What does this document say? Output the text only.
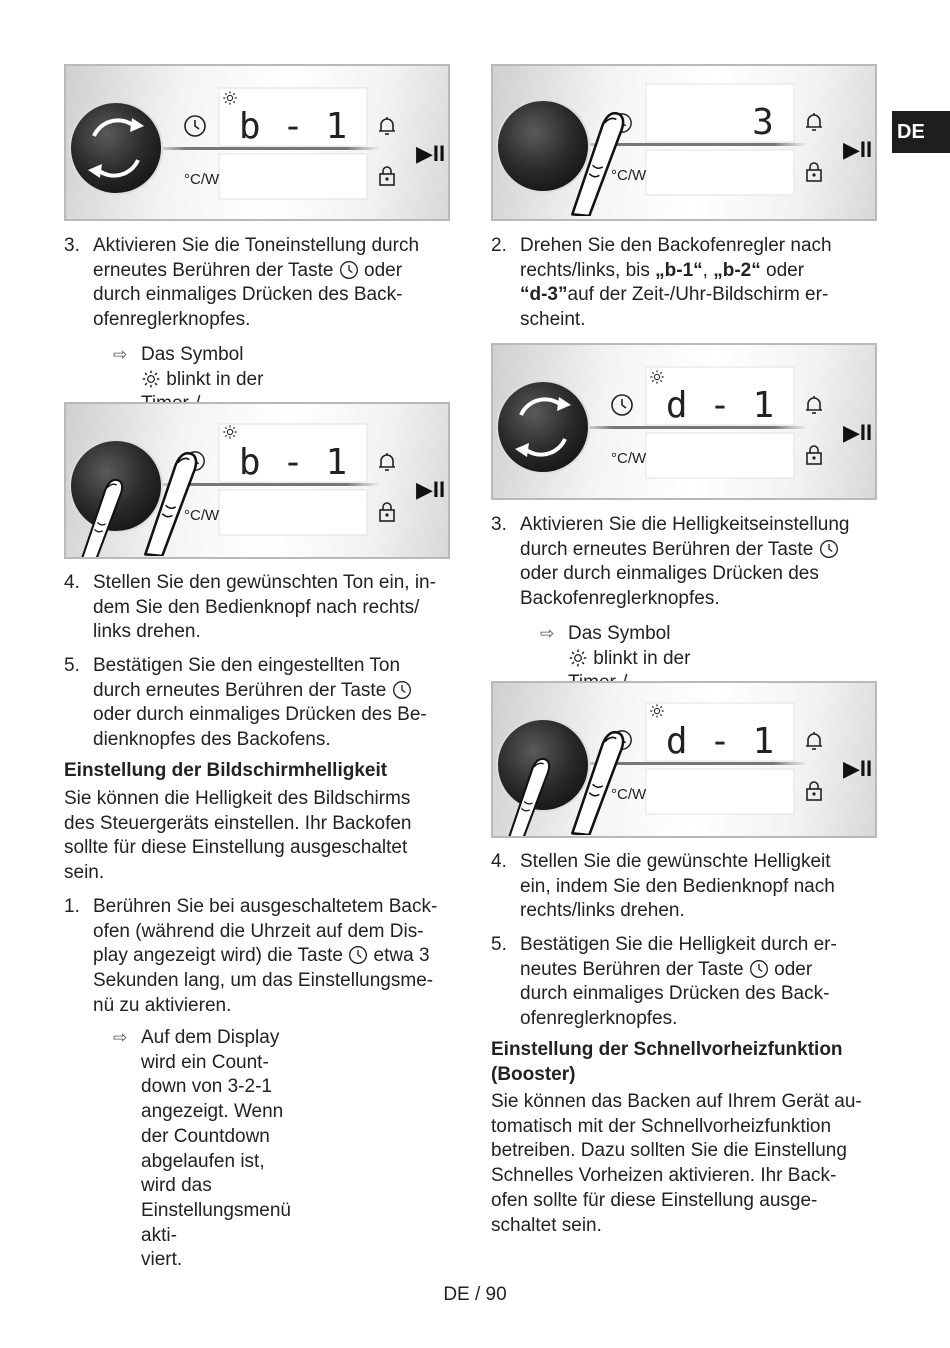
b - 1
°C/W
▶II
3. Aktivieren Sie die Toneinstellung durch
erneutes Berühren der Taste oder
durch einmaliges Drücken des Back-
ofenreglerknopfes.
⇨ Das Symbol  blinkt in der
b - 1
°C/W
▶II
4. Stellen Sie den gewünschten Ton ein, in-
dem Sie den Bedienknopf nach rechts/
links drehen.
5. Bestätigen Sie den eingestellten Ton
durch erneutes Berühren der Taste
oder durch einmaliges Drücken des Be-
dienknopfes des Backofens.
Einstellung der Bildschirmhelligkeit
Sie können die Helligkeit des Bildschirms
des Steuergeräts einstellen. Ihr Backofen
sollte für diese Einstellung ausgeschaltet
sein.
1. Berühren Sie bei ausgeschaltetem Back-
ofen (während die Uhrzeit auf dem Dis-
play angezeigt wird) die Taste etwa 3
Sekunden lang, um das Einstellungsme-
nü zu aktivieren.
⇨ Auf dem Display wird ein Count-
down von 3-2-1 angezeigt. Wenn
der Countdown abgelaufen ist,
wird das Einstellungsmenü akti-
viert.
3
°C/W
▶II
2. Drehen Sie den Backofenregler nach
rechts/links, bis „b-1“, „b-2“ oder
“d-3”auf der Zeit-/Uhr-Bildschirm er-
scheint.
d - 1
°C/W
▶II
3. Aktivieren Sie die Helligkeitseinstellung
durch erneutes Berühren der Taste
oder durch einmaliges Drücken des
Backofenreglerknopfes.
⇨ Das Symbol  blinkt in der
d - 1
°C/W
▶II
4. Stellen Sie die gewünschte Helligkeit
ein, indem Sie den Bedienknopf nach
rechts/links drehen.
5. Bestätigen Sie die Helligkeit durch er-
neutes Berühren der Taste oder
durch einmaliges Drücken des Back-
ofenreglerknopfes.
Einstellung der Schnellvorheizfunktion
(Booster)
Sie können das Backen auf Ihrem Gerät au-
tomatisch mit der Schnellvorheizfunktion
betreiben. Dazu sollten Sie die Einstellung
Schnelles Vorheizen aktivieren. Ihr Back-
ofen sollte für diese Einstellung ausge-
schaltet sein.
DE
DE / 90
